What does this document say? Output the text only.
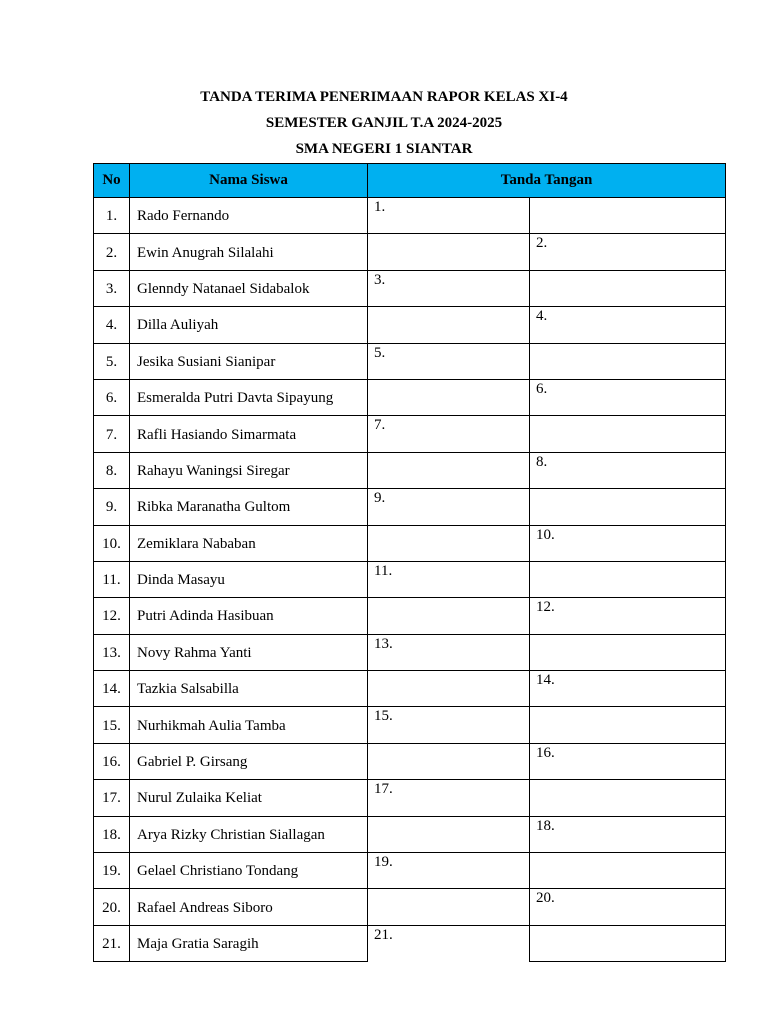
TANDA TERIMA PENERIMAAN RAPOR KELAS XI-4
SEMESTER GANJIL T.A 2024-2025
SMA NEGERI 1 SIANTAR
No	Nama Siswa	Tanda Tangan	
1.	Rado Fernando	1.	
2.	Ewin Anugrah Silalahi		2.
3.	Glenndy Natanael Sidabalok	3.	
4.	Dilla Auliyah		4.
5.	Jesika Susiani Sianipar	5.	
6.	Esmeralda Putri Davta Sipayung		6.
7.	Rafli Hasiando Simarmata	7.	
8.	Rahayu Waningsi Siregar		8.
9.	Ribka Maranatha Gultom	9.	
10.	Zemiklara Nababan		10.
11.	Dinda Masayu	11.	
12.	Putri Adinda Hasibuan		12.
13.	Novy Rahma Yanti	13.	
14.	Tazkia Salsabilla		14.
15.	Nurhikmah Aulia Tamba	15.	
16.	Gabriel P. Girsang		16.
17.	Nurul Zulaika Keliat	17.	
18.	Arya Rizky Christian Siallagan		18.
19.	Gelael Christiano Tondang	19.	
20.	Rafael Andreas Siboro		20.
21.	Maja Gratia Saragih	21.	
